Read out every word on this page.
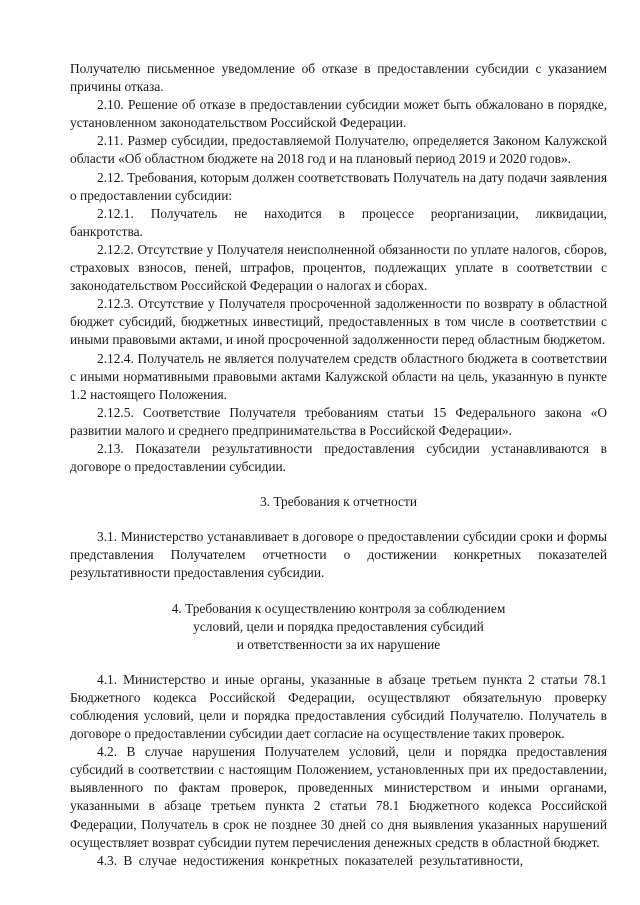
Получателю письменное уведомление об отказе в предоставлении субсидии с указанием причины отказа.

2.10. Решение об отказе в предоставлении субсидии может быть обжаловано в порядке, установленном законодательством Российской Федерации.

2.11. Размер субсидии, предоставляемой Получателю, определяется Законом Калужской области «Об областном бюджете на 2018 год и на плановый период 2019 и 2020 годов».

2.12. Требования, которым должен соответствовать Получатель на дату подачи заявления о предоставлении субсидии:

2.12.1. Получатель не находится в процессе реорганизации, ликвидации, банкротства.

2.12.2. Отсутствие у Получателя неисполненной обязанности по уплате налогов, сборов, страховых взносов, пеней, штрафов, процентов, подлежащих уплате в соответствии с законодательством Российской Федерации о налогах и сборах.

2.12.3. Отсутствие у Получателя просроченной задолженности по возврату в областной бюджет субсидий, бюджетных инвестиций, предоставленных в том числе в соответствии с иными правовыми актами, и иной просроченной задолженности перед областным бюджетом.

2.12.4. Получатель не является получателем средств областного бюджета в соответствии с иными нормативными правовыми актами Калужской области на цель, указанную в пункте 1.2 настоящего Положения.

2.12.5. Соответствие Получателя требованиям статьи 15 Федерального закона «О развитии малого и среднего предпринимательства в Российской Федерации».

2.13. Показатели результативности предоставления субсидии устанавливаются в договоре о предоставлении субсидии.

3. Требования к отчетности

3.1. Министерство устанавливает в договоре о предоставлении субсидии сроки и формы представления Получателем отчетности о достижении конкретных показателей результативности предоставления субсидии.

4. Требования к осуществлению контроля за соблюдением
условий, цели и порядка предоставления субсидий
и ответственности за их нарушение

4.1. Министерство и иные органы, указанные в абзаце третьем пункта 2 статьи 78.1 Бюджетного кодекса Российской Федерации, осуществляют обязательную проверку соблюдения условий, цели и порядка предоставления субсидий Получателю. Получатель в договоре о предоставлении субсидии дает согласие на осуществление таких проверок.

4.2. В случае нарушения Получателем условий, цели и порядка предоставления субсидий в соответствии с настоящим Положением, установленных при их предоставлении, выявленного по фактам проверок, проведенных министерством и иными органами, указанными в абзаце третьем пункта 2 статьи 78.1 Бюджетного кодекса Российской Федерации, Получатель в срок не позднее 30 дней со дня выявления указанных нарушений осуществляет возврат субсидии путем перечисления денежных средств в областной бюджет.

4.3. В случае недостижения конкретных показателей результативности,
